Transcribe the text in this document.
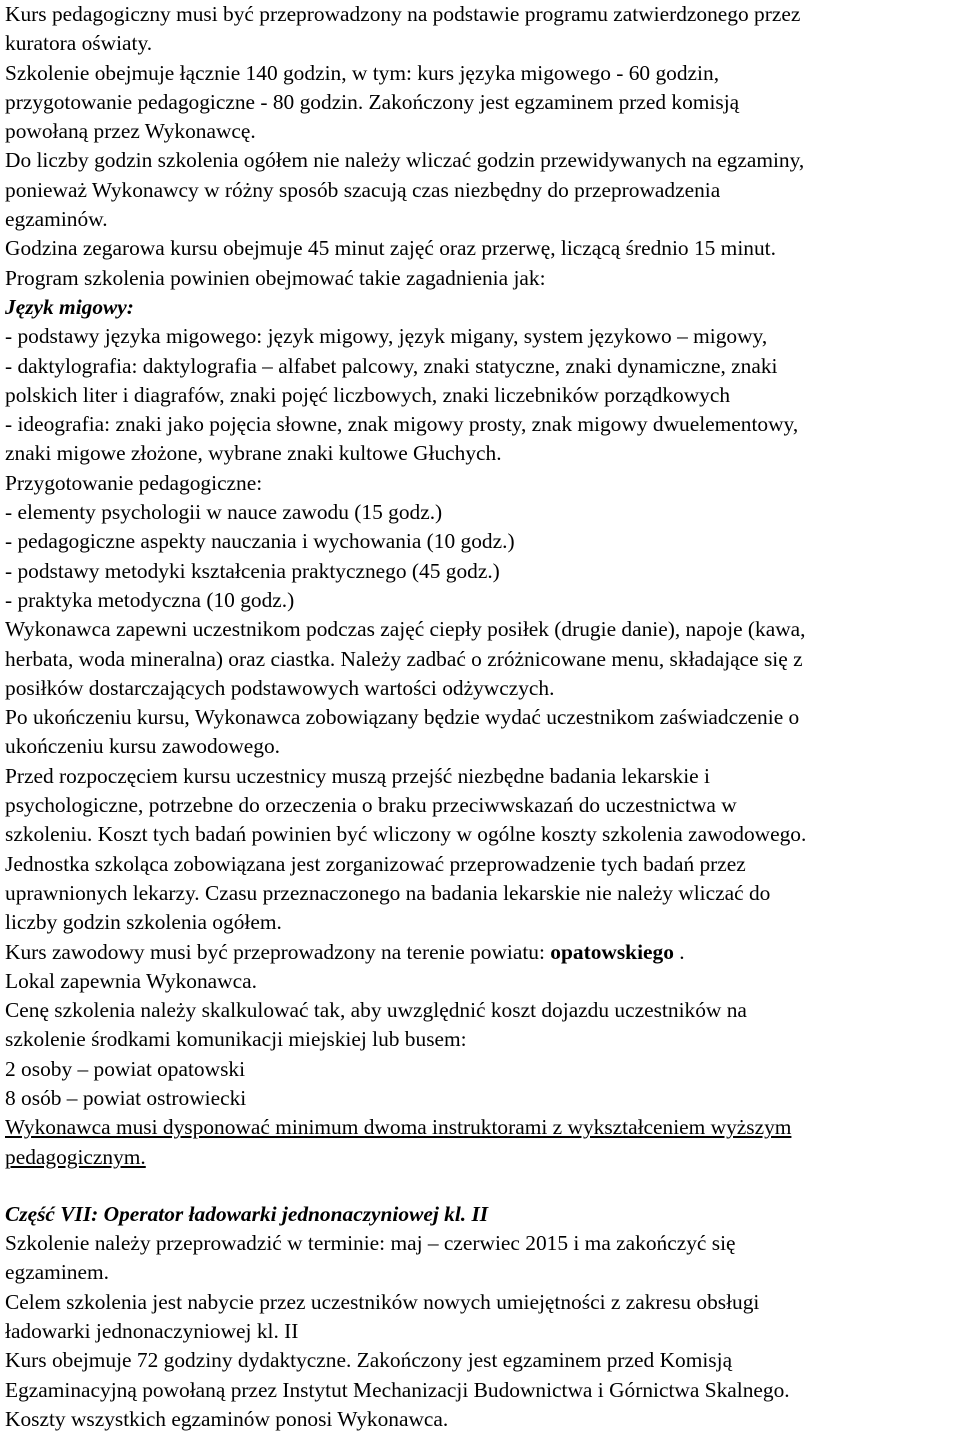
Kurs pedagogiczny musi być przeprowadzony na podstawie programu zatwierdzonego przez

kuratora oświaty.

Szkolenie obejmuje łącznie 140 godzin, w tym: kurs języka migowego - 60 godzin,

przygotowanie pedagogiczne - 80 godzin. Zakończony jest egzaminem przed komisją

powołaną przez Wykonawcę.

Do liczby godzin szkolenia ogółem nie należy wliczać godzin przewidywanych na egzaminy,

ponieważ Wykonawcy w różny sposób szacują czas niezbędny do przeprowadzenia

egzaminów.

Godzina zegarowa kursu obejmuje 45 minut zajęć oraz przerwę, liczącą średnio 15 minut.

Program szkolenia powinien obejmować takie zagadnienia jak:

Język migowy:

- podstawy języka migowego: język migowy, język migany, system językowo – migowy,

- daktylografia: daktylografia – alfabet palcowy, znaki statyczne, znaki dynamiczne, znaki

polskich liter i diagrafów, znaki pojęć liczbowych, znaki liczebników porządkowych

- ideografia: znaki jako pojęcia słowne, znak migowy prosty, znak migowy dwuelementowy,

znaki migowe złożone, wybrane znaki kultowe Głuchych.

Przygotowanie pedagogiczne:

- elementy psychologii w nauce zawodu (15 godz.)

- pedagogiczne aspekty nauczania i wychowania (10 godz.)

- podstawy metodyki kształcenia praktycznego (45 godz.)

- praktyka metodyczna (10 godz.)

Wykonawca zapewni uczestnikom podczas zajęć ciepły posiłek (drugie danie), napoje (kawa,

herbata, woda mineralna) oraz ciastka. Należy zadbać o zróżnicowane menu, składające się z

posiłków dostarczających podstawowych wartości odżywczych.

Po ukończeniu kursu, Wykonawca zobowiązany będzie wydać uczestnikom zaświadczenie o

ukończeniu kursu zawodowego.

Przed rozpoczęciem kursu uczestnicy muszą przejść niezbędne badania lekarskie i

psychologiczne, potrzebne do orzeczenia o braku przeciwwskazań do uczestnictwa w

szkoleniu. Koszt tych badań powinien być wliczony w ogólne koszty szkolenia zawodowego.

Jednostka szkoląca zobowiązana jest zorganizować przeprowadzenie tych badań przez

uprawnionych lekarzy. Czasu przeznaczonego na badania lekarskie nie należy wliczać do

liczby godzin szkolenia ogółem.

Kurs zawodowy musi być przeprowadzony na terenie powiatu: opatowskiego .

Lokal zapewnia Wykonawca.

Cenę szkolenia należy skalkulować tak, aby uwzględnić koszt dojazdu uczestników na

szkolenie środkami komunikacji miejskiej lub busem:

2 osoby – powiat opatowski

8 osób – powiat ostrowiecki

Wykonawca musi dysponować minimum dwoma instruktorami z wykształceniem wyższym

pedagogicznym.

Część VII: Operator ładowarki jednonaczyniowej kl. II

Szkolenie należy przeprowadzić w terminie: maj – czerwiec 2015 i ma zakończyć się

egzaminem.

Celem szkolenia jest nabycie przez uczestników nowych umiejętności z zakresu obsługi

ładowarki jednonaczyniowej kl. II

Kurs obejmuje 72 godziny dydaktyczne. Zakończony jest egzaminem przed Komisją

Egzaminacyjną powołaną przez Instytut Mechanizacji Budownictwa i Górnictwa Skalnego.

Koszty wszystkich egzaminów ponosi Wykonawca.
